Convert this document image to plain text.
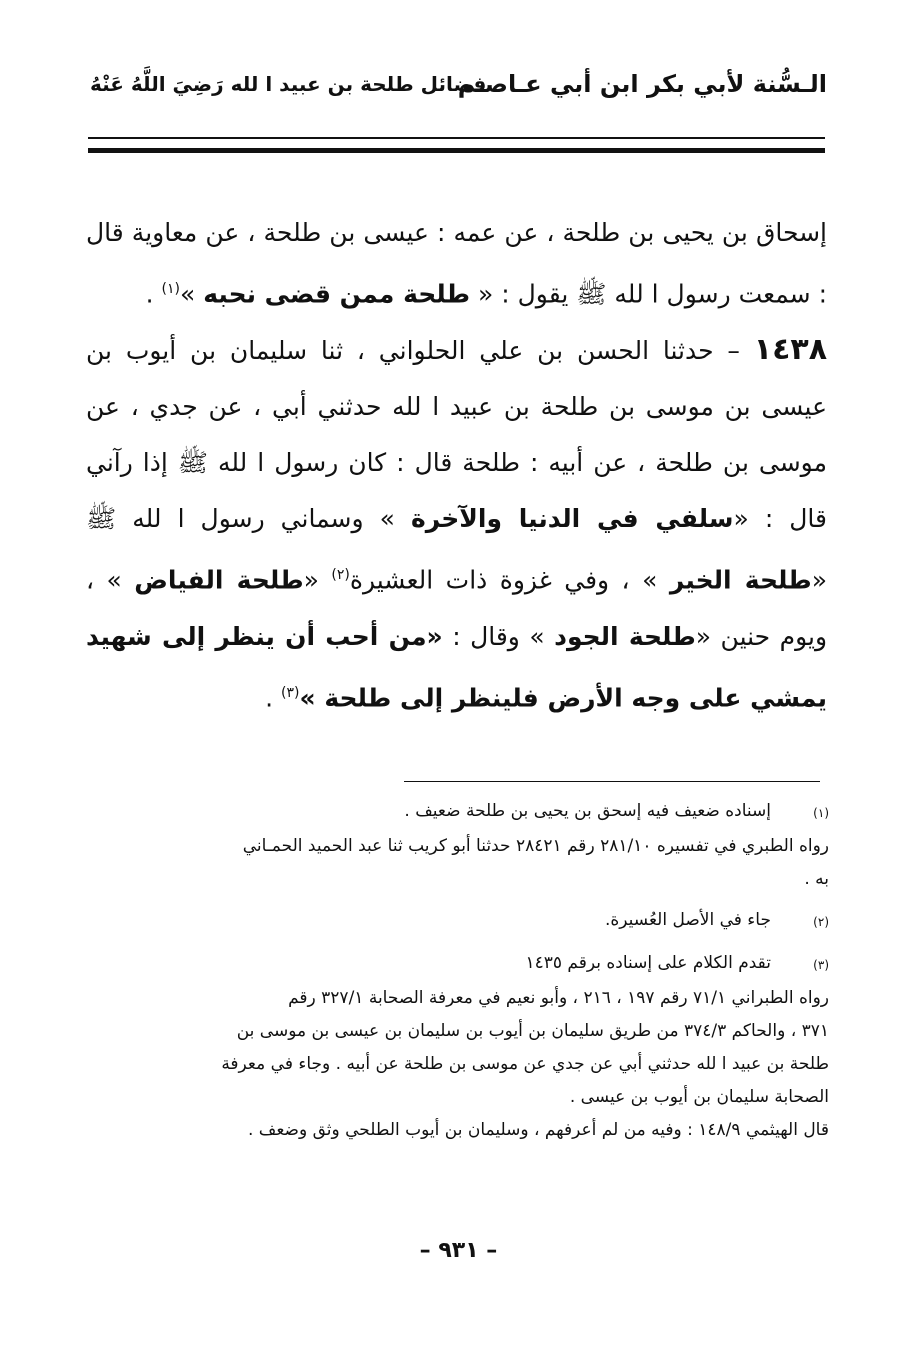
الـسُّنة لأبي بكر ابن أبي عـاصـم
فضائل طلحة بن عبيد ا لله رَضِيَ اللَّهُ عَنْهُ

إسحاق بن يحيى بن طلحة ، عن عمه : عيسى بن طلحة ، عن معاوية قال : سمعت رسول ا لله ﷺ يقول : « طلحة ممن قضى نحبه »$^{(١)}$ .

١٤٣٨ – حدثنا الحسن بن علي الحلواني ، ثنا سليمان بن أيوب بن عيسى بن موسى بن طلحة بن عبيد ا لله حدثني أبي ، عن جدي ، عن موسى بن طلحة ، عن أبيه : طلحة قال : كان رسول ا لله ﷺ إذا رآني قال : «سلفي في الدنيا والآخرة » وسماني رسول ا لله ﷺ «طلحة الخير » ، وفي غزوة ذات العشيرة$^{(٢)}$ «طلحة الفياض » ، ويوم حنين «طلحة الجود » وقال : «من أحب أن ينظر إلى شهيد يمشي على وجه الأرض فلينظر إلى طلحة »$^{(٣)}$ .

(١)
إسناده ضعيف فيه إسحق بن يحيى بن طلحة ضعيف .

رواه الطبري في تفسيره ٢٨١/١٠ رقم ٢٨٤٢١ حدثنا أبو كريب ثنا عبد الحميد الحمـاني

به .

(٢)
جاء في الأصل العُسيرة.
(٣)
تقدم الكلام على إسناده برقم ١٤٣٥

رواه الطبراني ٧١/١ رقم ١٩٧ ، ٢١٦ ، وأبو نعيم في معرفة الصحابة ٣٢٧/١ رقم

٣٧١ ، والحاكم ٣٧٤/٣ من طريق سليمان بن أيوب بن سليمان بن عيسى بن موسى بن

طلحة بن عبيد ا لله حدثني أبي عن جدي عن موسى بن طلحة عن أبيه . وجاء في معرفة

الصحابة سليمان بن أيوب بن عيسى .

قال الهيثمي ١٤٨/٩ : وفيه من لم أعرفهم ، وسليمان بن أيوب الطلحي وثق وضعف .

– ٩٣١ –
